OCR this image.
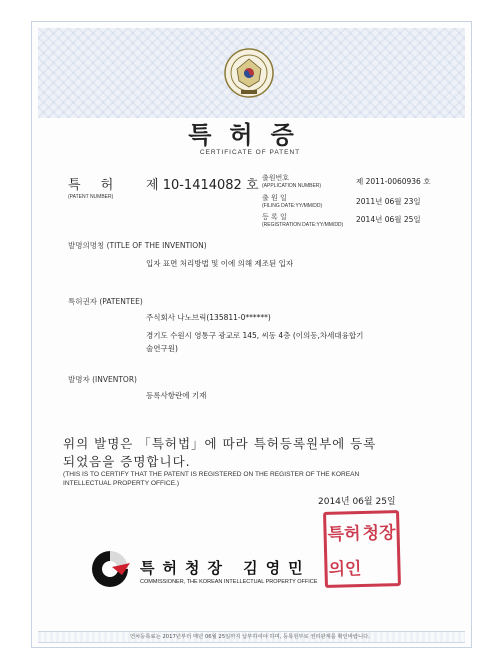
특허증
CERTIFICATE OF PATENT
특 허 제 10-1414082 호
(PATENT NUMBER)
출원번호
(APPLICATION NUMBER)	제 2011-0060936 호
출 원 일
(FILING DATE:YY/MM/DD)	2011년 06월 23일
등 록 일
(REGISTRATION DATE:YY/MM/DD)
2014년 06월 25일
발명의명칭 (TITLE OF THE INVENTION)
입자 표면 처리방법 및 이에 의해 제조된 입자
특허권자 (PATENTEE)
주식회사 나노브릭(135811-0******)
경기도 수원시 영통구 광교로 145, 씨동 4층 (이의동,차세대융합기
술연구원)
발명자 (INVENTOR)
등록사항란에 기재
위의 발명은 「특허법」에 따라 특허등록원부에 등록
되었음을 증명합니다.
(THIS IS TO CERTIFY THAT THE PATENT IS REGISTERED ON THE REGISTER OF THE KOREAN
INTELLECTUAL PROPERTY OFFICE.)
2014년 06월 25일
특허청장 김영민
COMMISSIONER, THE KOREAN INTELLECTUAL PROPERTY OFFICE
특허 청장
의인
연차등록료는 2017년부터 매년 06월 25일까지 납부하여야 하며, 등록원부로 권리관계를 확인바랍니다.
